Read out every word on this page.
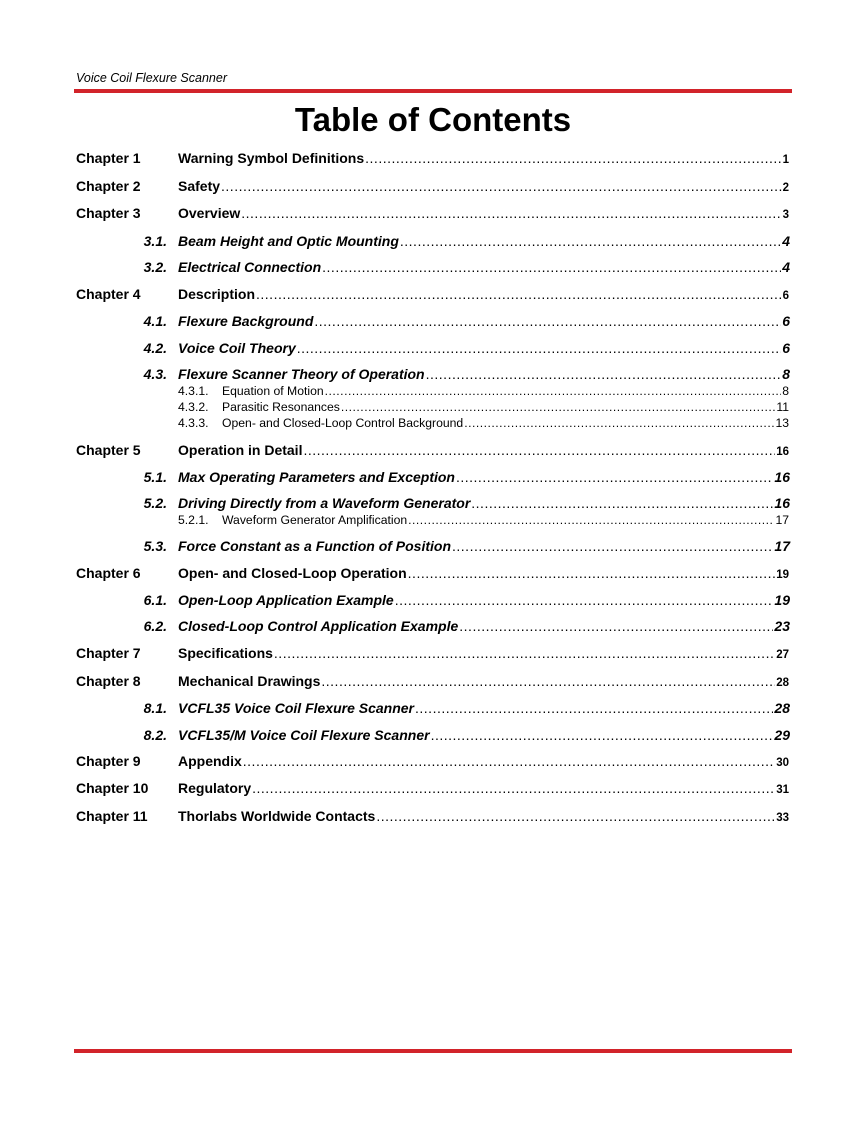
Voice Coil Flexure Scanner
Table of Contents
Chapter 1	Warning Symbol Definitions .....	1
Chapter 2	Safety .....	2
Chapter 3	Overview .....	3
3.1. Beam Height and Optic Mounting .....	4
3.2. Electrical Connection .....	4
Chapter 4	Description .....	6
4.1. Flexure Background .....	6
4.2. Voice Coil Theory .....	6
4.3. Flexure Scanner Theory of Operation .....	8
4.3.1. Equation of Motion .....	8
4.3.2. Parasitic Resonances .....	11
4.3.3. Open- and Closed-Loop Control Background .....	13
Chapter 5	Operation in Detail .....	16
5.1. Max Operating Parameters and Exception .....	16
5.2. Driving Directly from a Waveform Generator .....	16
5.2.1. Waveform Generator Amplification .....	17
5.3. Force Constant as a Function of Position .....	17
Chapter 6	Open- and Closed-Loop Operation .....	19
6.1. Open-Loop Application Example .....	19
6.2. Closed-Loop Control Application Example .....	23
Chapter 7	Specifications .....	27
Chapter 8	Mechanical Drawings .....	28
8.1. VCFL35 Voice Coil Flexure Scanner .....	28
8.2. VCFL35/M Voice Coil Flexure Scanner .....	29
Chapter 9	Appendix .....	30
Chapter 10 Regulatory .....	31
Chapter 11 Thorlabs Worldwide Contacts .....	33
